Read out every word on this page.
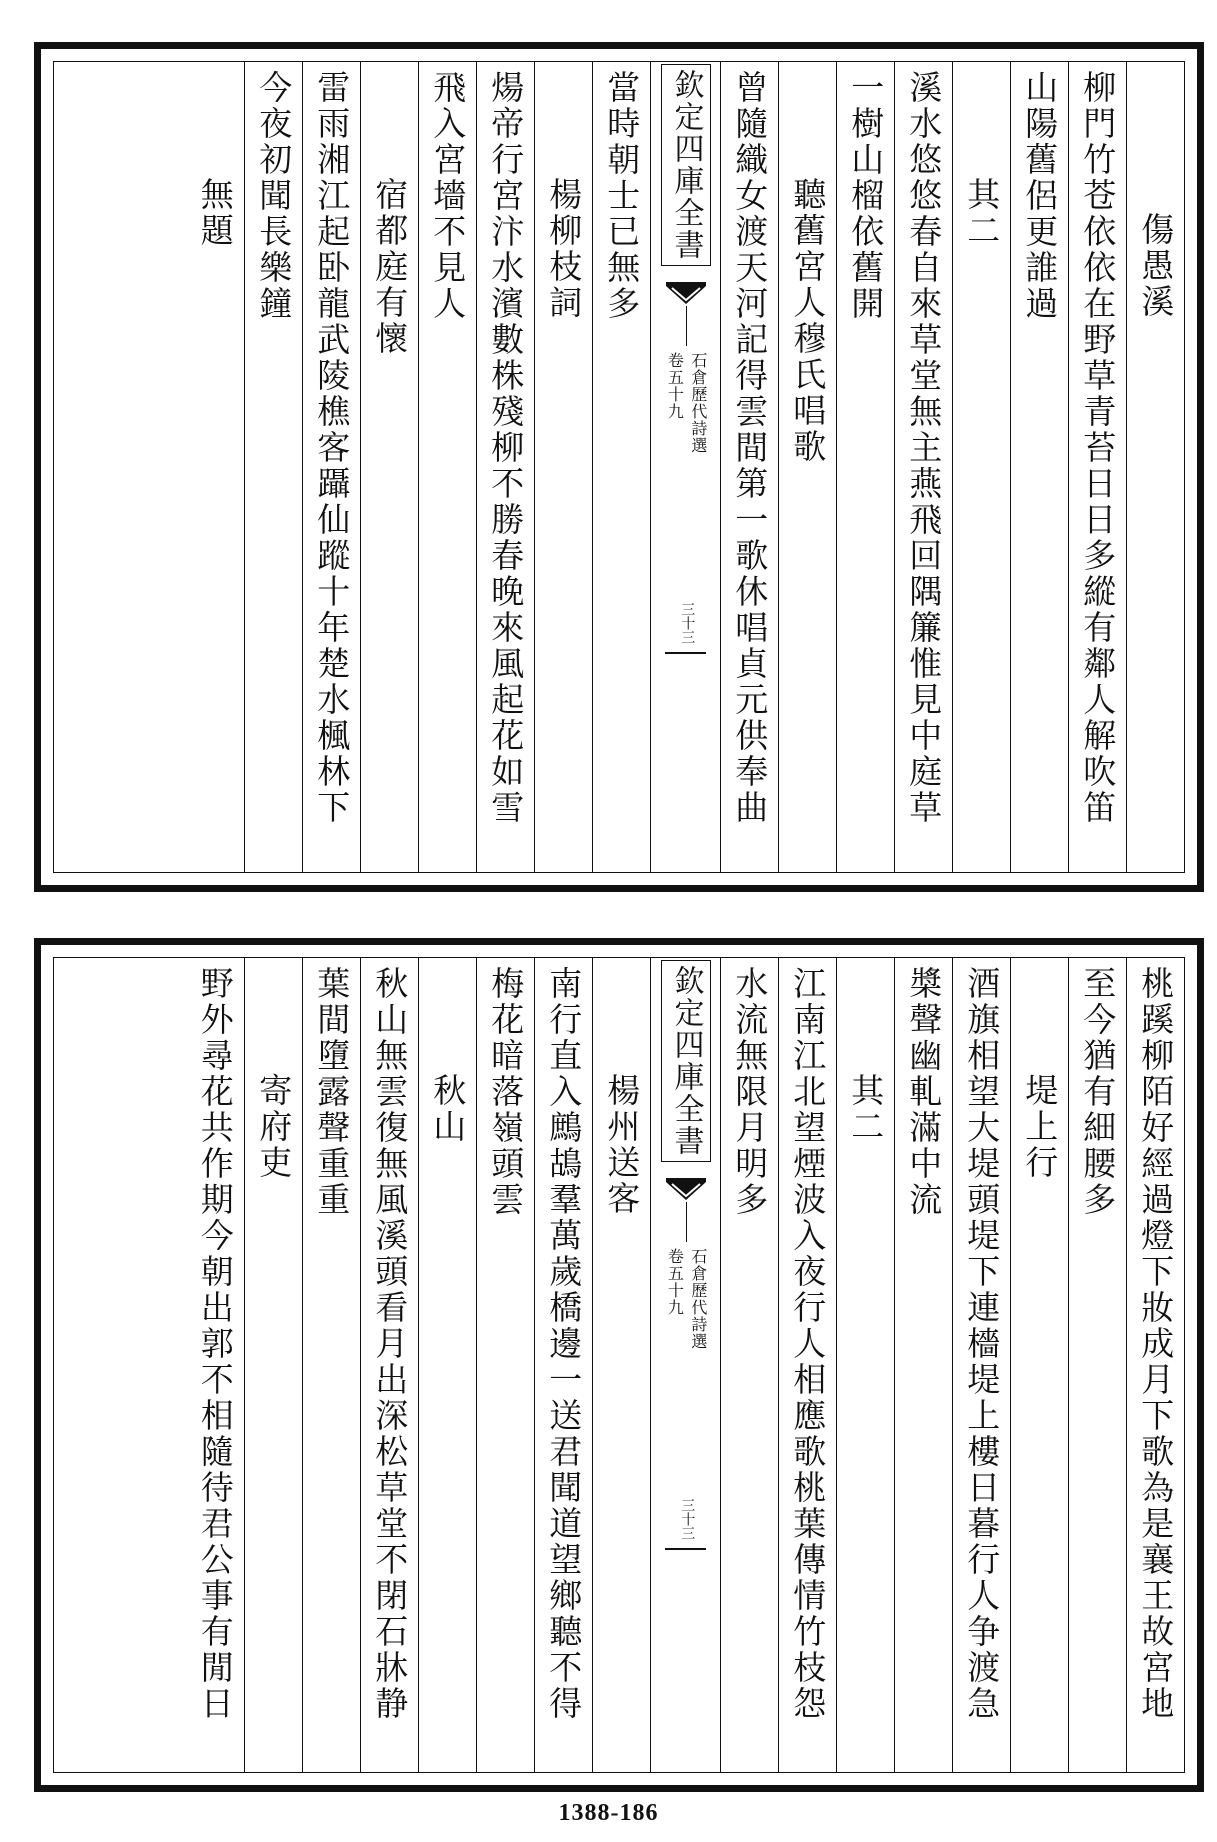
傷愚溪
柳門竹苍依依在野草青苔日日多縱有鄰人解吹笛
山陽舊侶更誰過
其二
溪水悠悠春自來草堂無主燕飛回隅簾惟見中庭草
一樹山榴依舊開
聽舊宮人穆氏唱歌
曾隨織女渡天河記得雲間第一歌休唱貞元供奉曲
欽定四庫全書
石倉歷代詩選
卷五十九
三十三
當時朝士已無多
楊柳枝詞
煬帝行宮汴水濱數株殘柳不勝春晚來風起花如雪
飛入宮墻不見人
宿都庭有懷
雷雨湘江起卧龍武陵樵客躡仙蹤十年楚水楓林下
今夜初聞長樂鐘
無題
桃蹊柳陌好經過燈下妝成月下歌為是襄王故宮地
至今猶有細腰多
堤上行
酒旗相望大堤頭堤下連檣堤上樓日暮行人争渡急
槳聲幽軋滿中流
其二
江南江北望煙波入夜行人相應歌桃葉傳情竹枝怨
水流無限月明多
欽定四庫全書
石倉歷代詩選
卷五十九
三十三
楊州送客
南行直入鷓鴣羣萬歲橋邊一送君聞道望鄉聽不得
梅花暗落嶺頭雲
秋山
秋山無雲復無風溪頭看月出深松草堂不閉石牀静
葉間墮露聲重重
寄府吏
野外尋花共作期今朝出郭不相隨待君公事有閒日
1388-186
